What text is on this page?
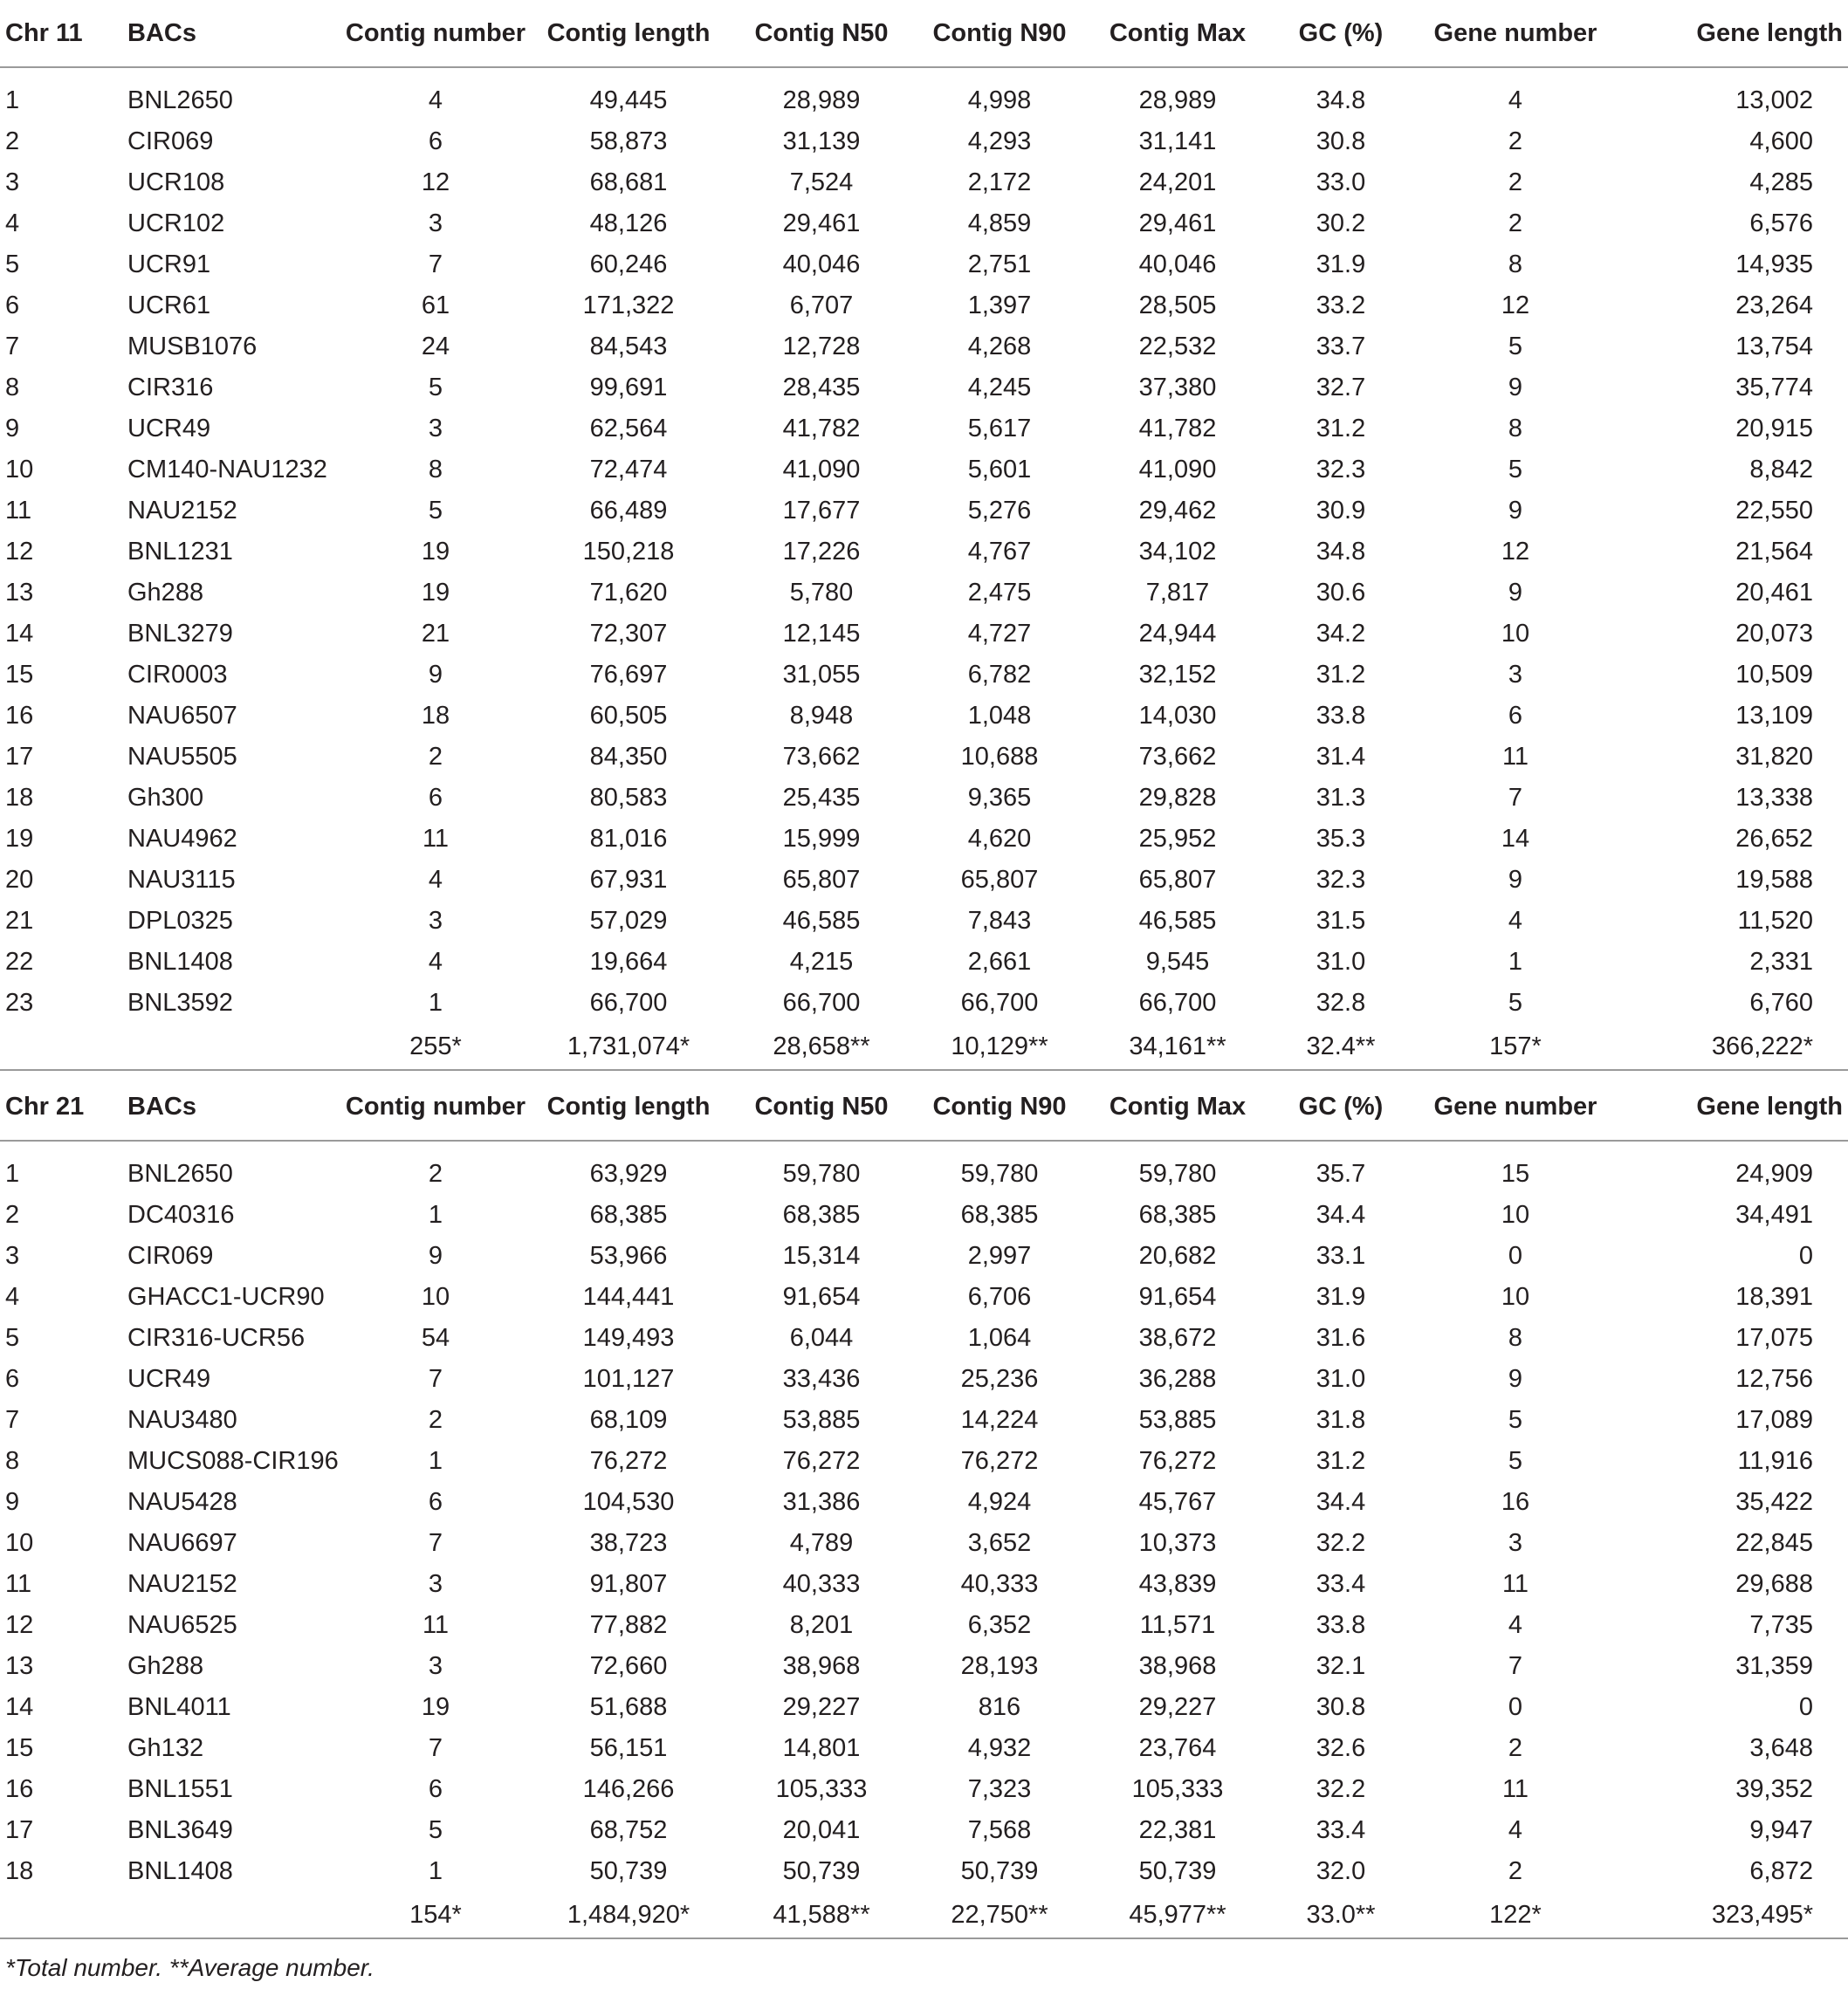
Chr 11	BACs	Contig number	Contig length	Contig N50	Contig N90	Contig Max	GC (%)	Gene number	Gene length
1	BNL2650	4	49,445	28,989	4,998	28,989	34.8	4	13,002
2	CIR069	6	58,873	31,139	4,293	31,141	30.8	2	4,600
3	UCR108	12	68,681	7,524	2,172	24,201	33.0	2	4,285
4	UCR102	3	48,126	29,461	4,859	29,461	30.2	2	6,576
5	UCR91	7	60,246	40,046	2,751	40,046	31.9	8	14,935
6	UCR61	61	171,322	6,707	1,397	28,505	33.2	12	23,264
7	MUSB1076	24	84,543	12,728	4,268	22,532	33.7	5	13,754
8	CIR316	5	99,691	28,435	4,245	37,380	32.7	9	35,774
9	UCR49	3	62,564	41,782	5,617	41,782	31.2	8	20,915
10	CM140-NAU1232	8	72,474	41,090	5,601	41,090	32.3	5	8,842
11	NAU2152	5	66,489	17,677	5,276	29,462	30.9	9	22,550
12	BNL1231	19	150,218	17,226	4,767	34,102	34.8	12	21,564
13	Gh288	19	71,620	5,780	2,475	7,817	30.6	9	20,461
14	BNL3279	21	72,307	12,145	4,727	24,944	34.2	10	20,073
15	CIR0003	9	76,697	31,055	6,782	32,152	31.2	3	10,509
16	NAU6507	18	60,505	8,948	1,048	14,030	33.8	6	13,109
17	NAU5505	2	84,350	73,662	10,688	73,662	31.4	11	31,820
18	Gh300	6	80,583	25,435	9,365	29,828	31.3	7	13,338
19	NAU4962	11	81,016	15,999	4,620	25,952	35.3	14	26,652
20	NAU3115	4	67,931	65,807	65,807	65,807	32.3	9	19,588
21	DPL0325	3	57,029	46,585	7,843	46,585	31.5	4	11,520
22	BNL1408	4	19,664	4,215	2,661	9,545	31.0	1	2,331
23	BNL3592	1	66,700	66,700	66,700	66,700	32.8	5	6,760
		255*	1,731,074*	28,658**	10,129**	34,161**	32.4**	157*	366,222*
Chr 21	BACs	Contig number	Contig length	Contig N50	Contig N90	Contig Max	GC (%)	Gene number	Gene length
1	BNL2650	2	63,929	59,780	59,780	59,780	35.7	15	24,909
2	DC40316	1	68,385	68,385	68,385	68,385	34.4	10	34,491
3	CIR069	9	53,966	15,314	2,997	20,682	33.1	0	0
4	GHACC1-UCR90	10	144,441	91,654	6,706	91,654	31.9	10	18,391
5	CIR316-UCR56	54	149,493	6,044	1,064	38,672	31.6	8	17,075
6	UCR49	7	101,127	33,436	25,236	36,288	31.0	9	12,756
7	NAU3480	2	68,109	53,885	14,224	53,885	31.8	5	17,089
8	MUCS088-CIR196	1	76,272	76,272	76,272	76,272	31.2	5	11,916
9	NAU5428	6	104,530	31,386	4,924	45,767	34.4	16	35,422
10	NAU6697	7	38,723	4,789	3,652	10,373	32.2	3	22,845
11	NAU2152	3	91,807	40,333	40,333	43,839	33.4	11	29,688
12	NAU6525	11	77,882	8,201	6,352	11,571	33.8	4	7,735
13	Gh288	3	72,660	38,968	28,193	38,968	32.1	7	31,359
14	BNL4011	19	51,688	29,227	816	29,227	30.8	0	0
15	Gh132	7	56,151	14,801	4,932	23,764	32.6	2	3,648
16	BNL1551	6	146,266	105,333	7,323	105,333	32.2	11	39,352
17	BNL3649	5	68,752	20,041	7,568	22,381	33.4	4	9,947
18	BNL1408	1	50,739	50,739	50,739	50,739	32.0	2	6,872
		154*	1,484,920*	41,588**	22,750**	45,977**	33.0**	122*	323,495*
*Total number. **Average number.
